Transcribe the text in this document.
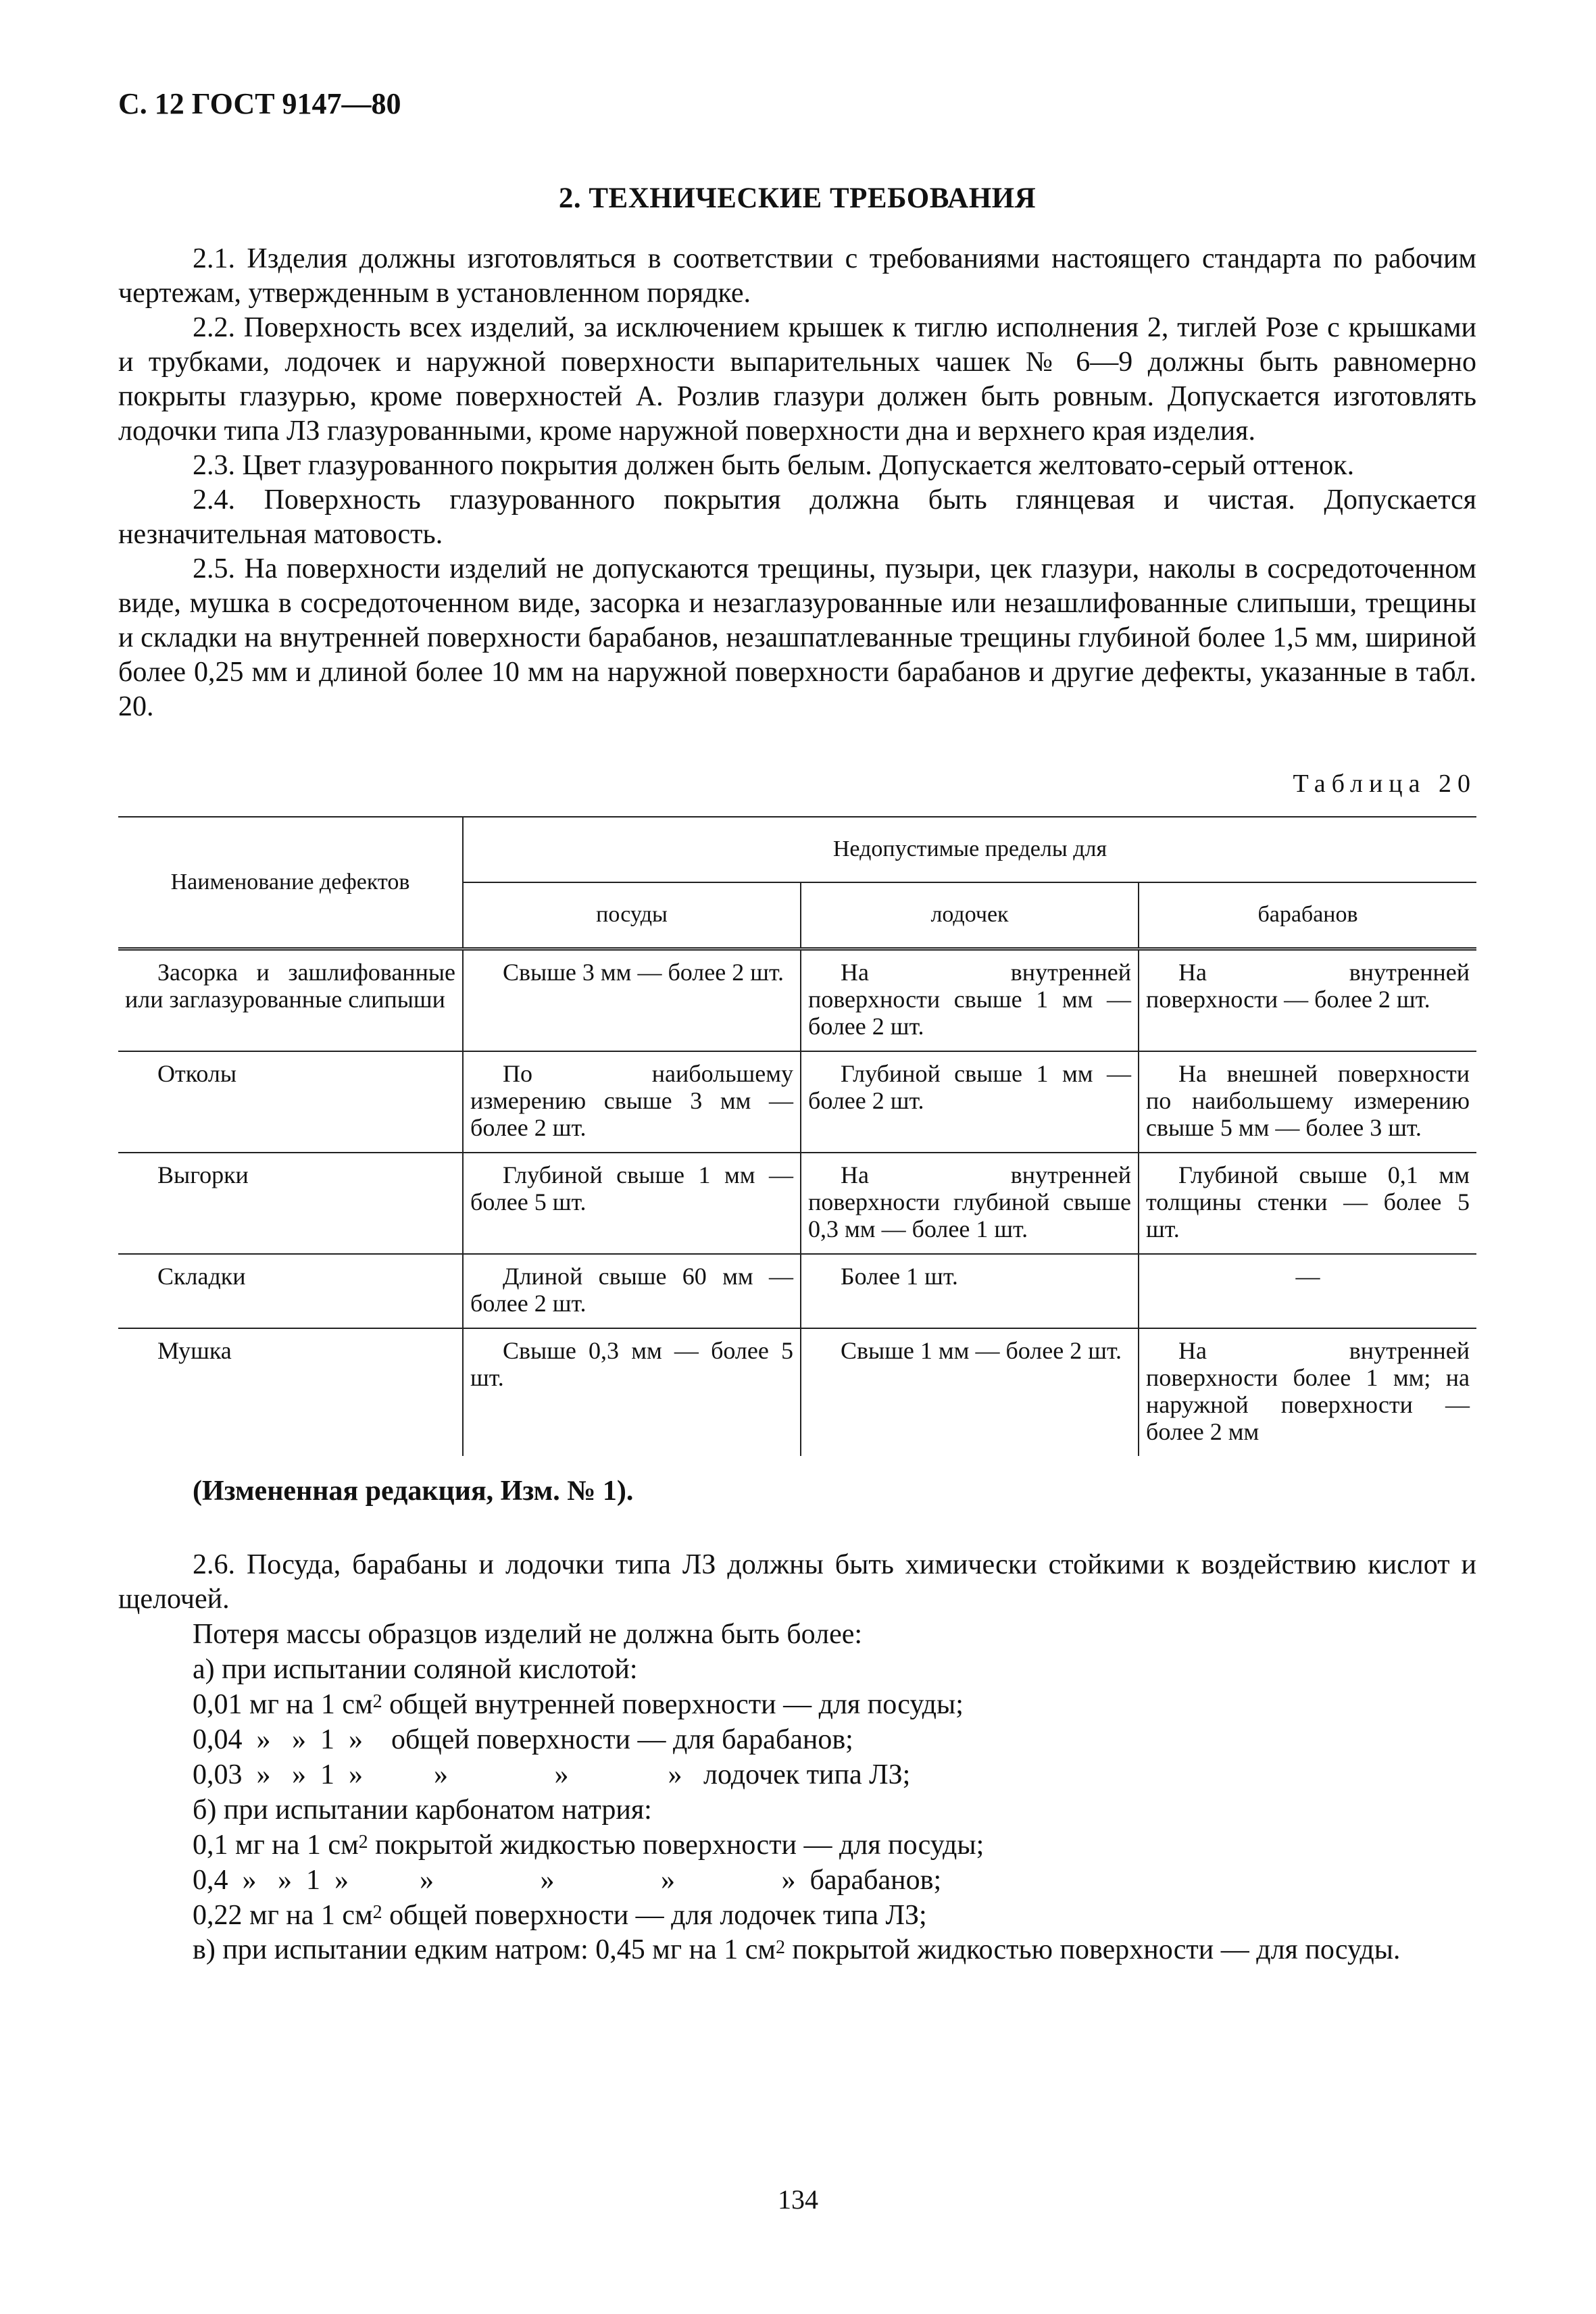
С. 12 ГОСТ 9147—80
2. ТЕХНИЧЕСКИЕ ТРЕБОВАНИЯ

2.1. Изделия должны изготовляться в соответствии с требованиями настоящего стандарта по рабочим чертежам, утвержденным в установленном порядке.

2.2. Поверхность всех изделий, за исключением крышек к тиглю исполнения 2, тиглей Розе с крышками и трубками, лодочек и наружной поверхности выпарительных чашек № 6—9 должны быть равномерно покрыты глазурью, кроме поверхностей А. Розлив глазури должен быть ровным. Допускается изготовлять лодочки типа ЛЗ глазурованными, кроме наружной поверхности дна и верхнего края изделия.

2.3. Цвет глазурованного покрытия должен быть белым. Допускается желтовато-серый оттенок.

2.4. Поверхность глазурованного покрытия должна быть глянцевая и чистая. Допускается незначительная матовость.

2.5. На поверхности изделий не допускаются трещины, пузыри, цек глазури, наколы в сосредоточенном виде, мушка в сосредоточенном виде, засорка и незаглазурованные или незашлифованные слипыши, трещины и складки на внутренней поверхности барабанов, незашпатлеванные трещины глубиной более 1,5 мм, шириной более 0,25 мм и длиной более 10 мм на наружной поверхности барабанов и другие дефекты, указанные в табл. 20.

Таблица 20
Наименование дефектов	Недопустимые пределы для		
	посуды	лодочек	барабанов
Засорка и зашлифованные или заглазурованные слипыши	Свыше 3 мм — более 2 шт.	На внутренней поверхности свыше 1 мм — более 2 шт.	На внутренней поверхности — более 2 шт.
Отколы	По наибольшему измерению свыше 3 мм — более 2 шт.	Глубиной свыше 1 мм — более 2 шт.	На внешней поверхности по наибольшему измерению свыше 5 мм — более 3 шт.
Выгорки	Глубиной свыше 1 мм — более 5 шт.	На внутренней поверхности глубиной свыше 0,3 мм — более 1 шт.	Глубиной свыше 0,1 мм толщины стенки — более 5 шт.
Складки	Длиной свыше 60 мм — более 2 шт.	Более 1 шт.	—
Мушка	Свыше 0,3 мм — более 5 шт.	Свыше 1 мм — более 2 шт.	На внутренней поверхности более 1 мм; на наружной поверхности — более 2 мм
(Измененная редакция, Изм. № 1).

2.6. Посуда, барабаны и лодочки типа ЛЗ должны быть химически стойкими к воздействию кислот и щелочей.

Потеря массы образцов изделий не должна быть более:

а) при испытании соляной кислотой:

0,01 мг на 1 $см^2$ общей внутренней поверхности — для посуды;

0,04  »   »  1  »    общей поверхности — для барабанов;

0,03  »   »  1  »          »               »              »   лодочек типа ЛЗ;

б) при испытании карбонатом натрия:

0,1 мг на 1 $см^2$ покрытой жидкостью поверхности — для посуды;

0,4  »   »  1  »          »               »               »               »  барабанов;

0,22 мг на 1 $см^2$ общей поверхности — для лодочек типа ЛЗ;

в) при испытании едким натром: 0,45 мг на 1 $см^2$ покрытой жидкостью поверхности — для посуды.

134
